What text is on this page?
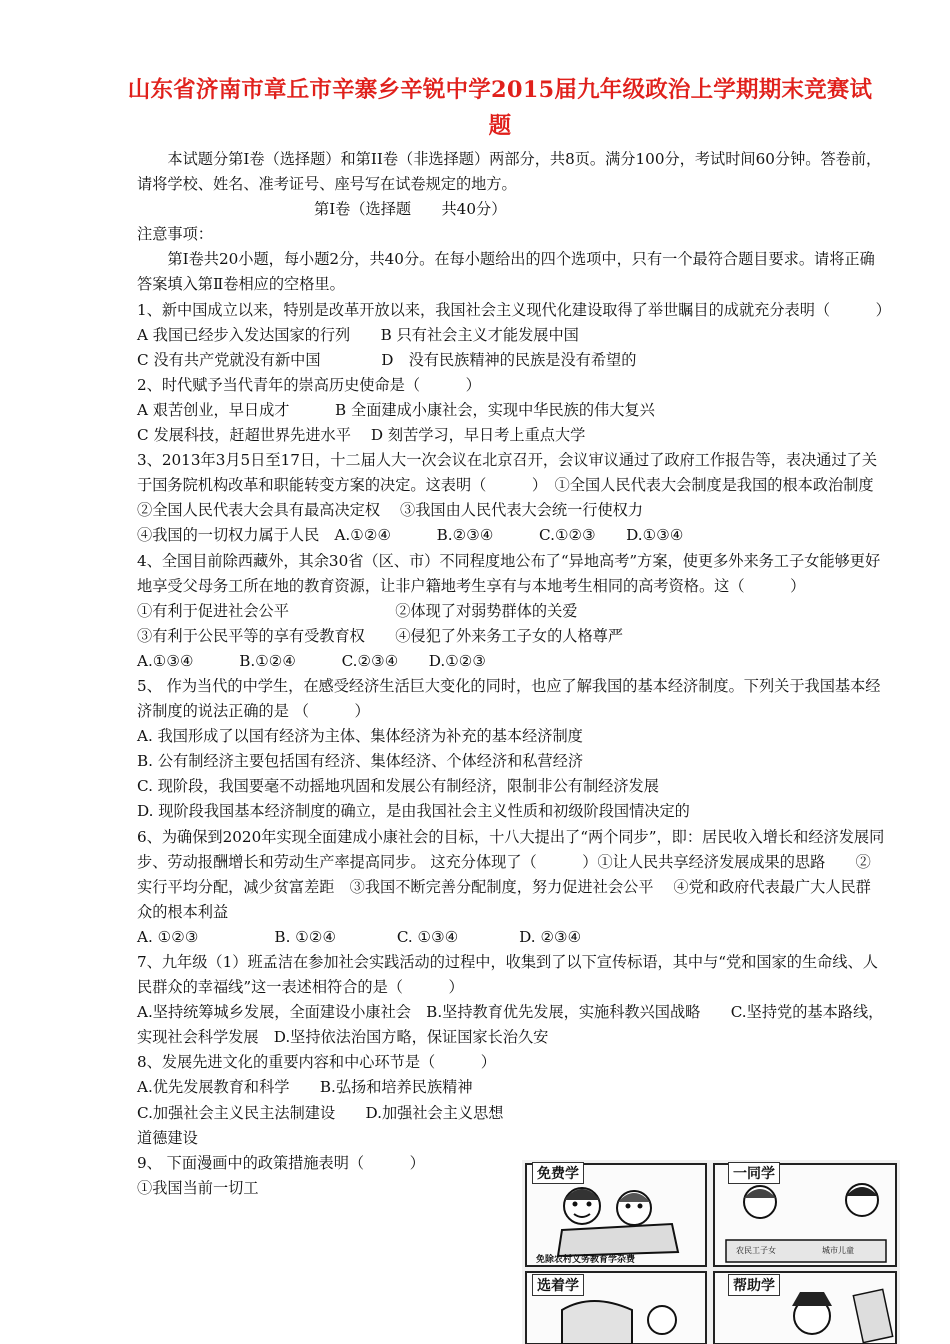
山东省济南市章丘市辛寨乡辛锐中学2015届九年级政治上学期期末竞赛试题

本试题分第Ⅰ卷（选择题）和第II卷（非选择题）两部分，共8页。满分100分，考试时间60分钟。答卷前，请将学校、姓名、准考证号、座号写在试卷规定的地方。

第Ⅰ卷（选择题　　共40分）

注意事项：

第Ⅰ卷共20小题，每小题2分，共40分。在每小题给出的四个选项中，只有一个最符合题目要求。请将正确答案填入第Ⅱ卷相应的空格里。

1、新中国成立以来，特别是改革开放以来，我国社会主义现代化建设取得了举世瞩目的成就充分表明（　　　）

A 我国已经步入发达国家的行列　　B 只有社会主义才能发展中国

C 没有共产党就没有新中国　　　　D　没有民族精神的民族是没有希望的

2、时代赋予当代青年的崇高历史使命是（　　　）

A 艰苦创业，早日成才　　　B 全面建成小康社会，实现中华民族的伟大复兴

C 发展科技，赶超世界先进水平　 D 刻苦学习，早日考上重点大学

3、2013年3月5日至17日，十二届人大一次会议在北京召开，会议审议通过了政府工作报告等，表决通过了关于国务院机构改革和职能转变方案的决定。这表明（　　　）　①全国人民代表大会制度是我国的根本政治制度

②全国人民代表大会具有最高决定权　 ③我国由人民代表大会统一行使权力

④我国的一切权力属于人民　A.①②④　　　B.②③④　　　C.①②③　　D.①③④

4、全国目前除西藏外，其余30省（区、市）不同程度地公布了“异地高考”方案，使更多外来务工子女能够更好地享受父母务工所在地的教育资源，让非户籍地考生享有与本地考生相同的高考资格。这（　　　）

①有利于促进社会公平　　　　　　　②体现了对弱势群体的关爱

③有利于公民平等的享有受教育权　　④侵犯了外来务工子女的人格尊严

A.①③④　　　B.①②④　　　C.②③④　　D.①②③

5、 作为当代的中学生，在感受经济生活巨大变化的同时，也应了解我国的基本经济制度。下列关于我国基本经济制度的说法正确的是 （　　　）

A. 我国形成了以国有经济为主体、集体经济为补充的基本经济制度

B. 公有制经济主要包括国有经济、集体经济、个体经济和私营经济

C. 现阶段，我国要毫不动摇地巩固和发展公有制经济，限制非公有制经济发展

D. 现阶段我国基本经济制度的确立，是由我国社会主义性质和初级阶段国情决定的

6、为确保到2020年实现全面建成小康社会的目标，十八大提出了“两个同步”，即：居民收入增长和经济发展同步、劳动报酬增长和劳动生产率提高同步。 这充分体现了（　　　）①让人民共享经济发展成果的思路　　②实行平均分配，减少贫富差距　③我国不断完善分配制度，努力促进社会公平　 ④党和政府代表最广大人民群众的根本利益

A. ①②③　　　　　B. ①②④　　　　C. ①③④　　　　D. ②③④

7、九年级（1）班孟洁在参加社会实践活动的过程中，收集到了以下宣传标语，其中与“党和国家的生命线、人民群众的幸福线”这一表述相符合的是（　　　）

A.坚持统筹城乡发展，全面建设小康社会　B.坚持教育优先发展，实施科教兴国战略　　C.坚持党的基本路线，实现社会科学发展　D.坚持依法治国方略，保证国家长治久安

8、发展先进文化的重要内容和中心环节是（　　　）

A.优先发展教育和科学　　B.弘扬和培养民族精神

C.加强社会主义民主法制建设　　D.加强社会主义思想道德建设

9、 下面漫画中的政策措施表明（　　　）

①我国当前一切工

免费学	一同学
选着学	帮助学
免除农村义务教育学杂费
农民工子女	城市儿童
